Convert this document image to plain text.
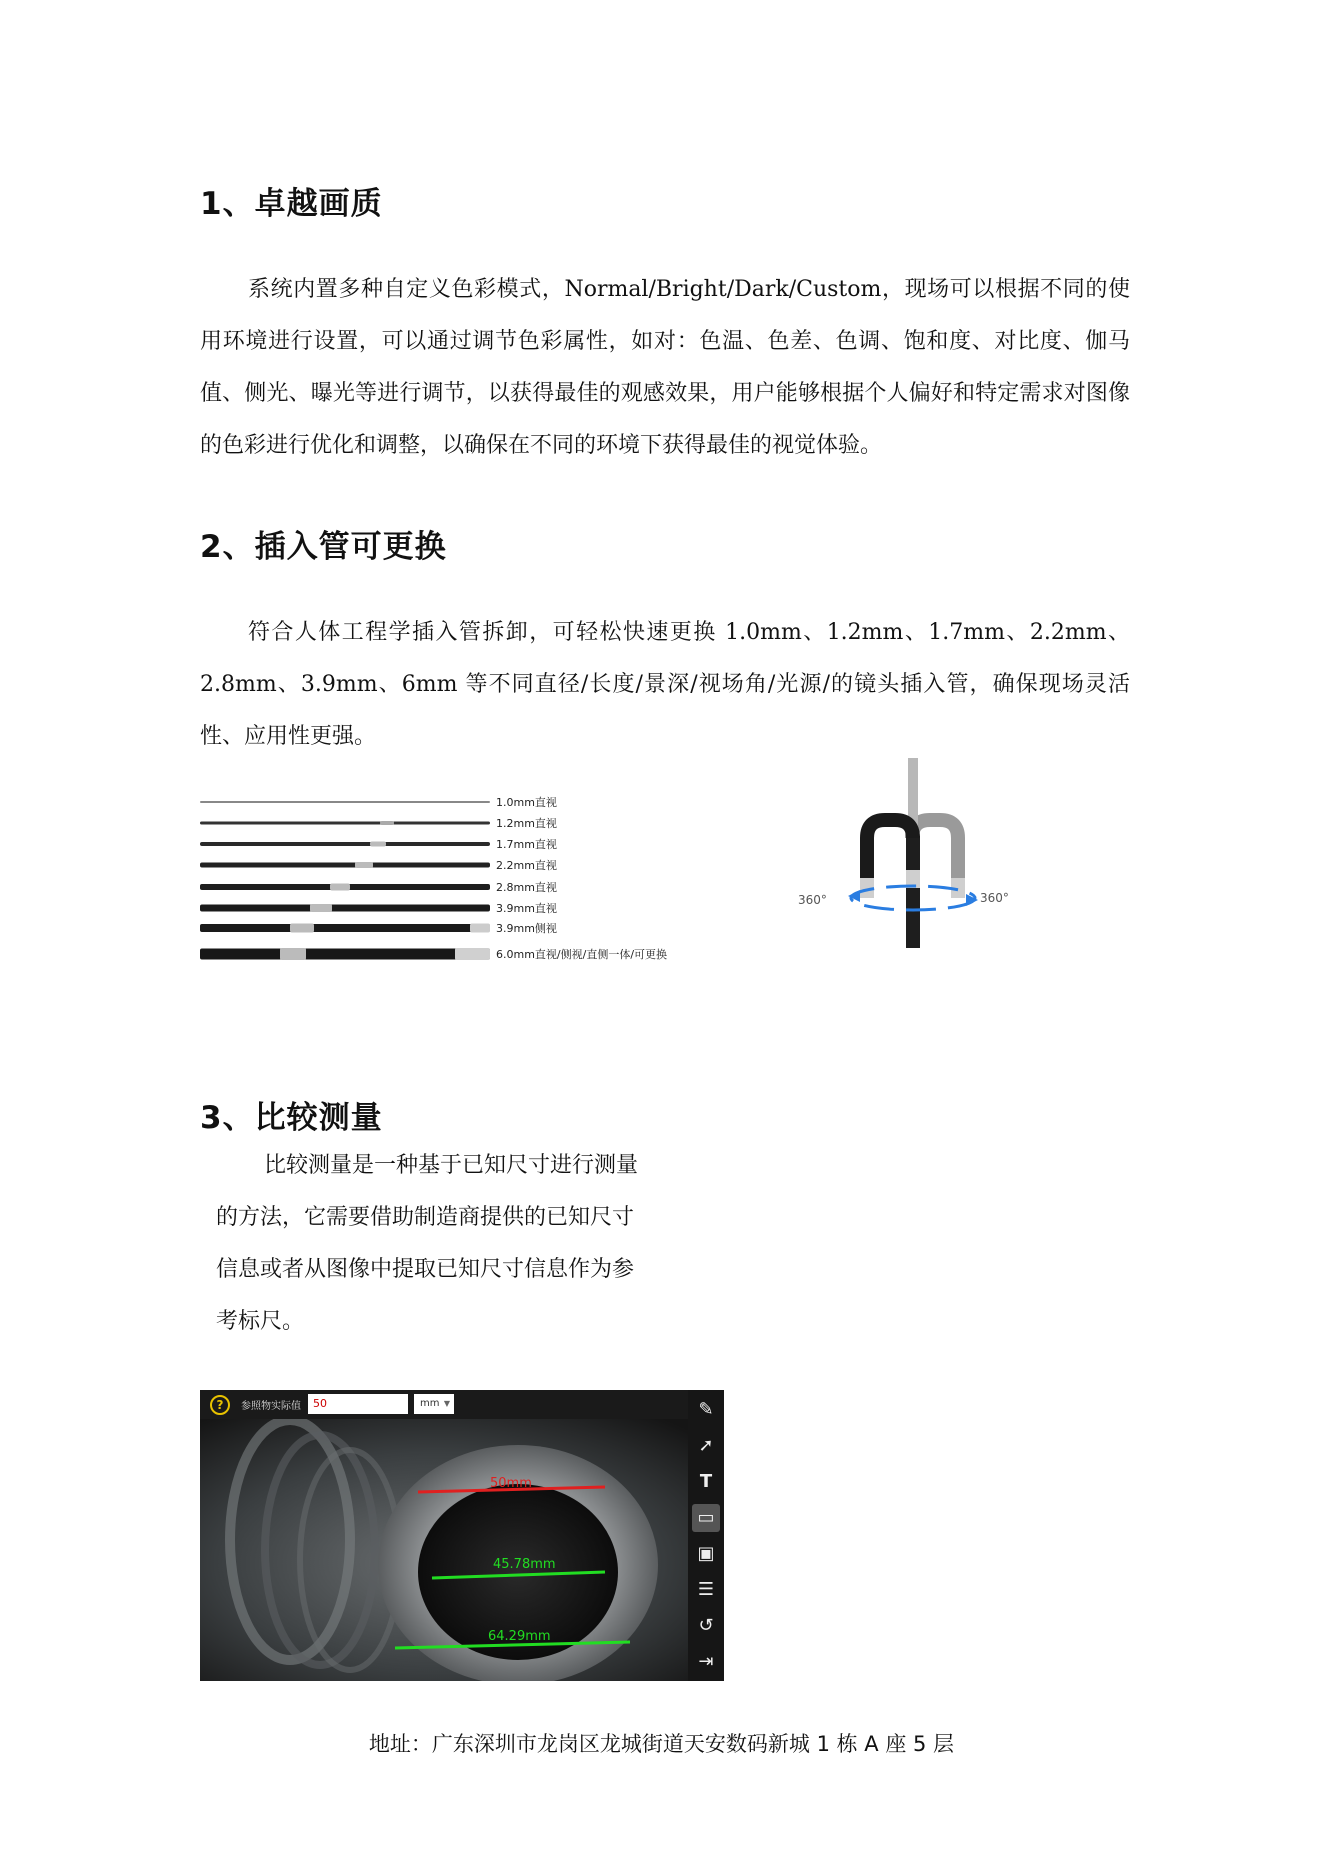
1、卓越画质

系统内置多种自定义色彩模式，Normal/Bright/Dark/Custom，现场可以根据不同的使用环境进行设置，可以通过调节色彩属性，如对：色温、色差、色调、饱和度、对比度、伽马值、侧光、曝光等进行调节，以获得最佳的观感效果，用户能够根据个人偏好和特定需求对图像的色彩进行优化和调整，以确保在不同的环境下获得最佳的视觉体验。

2、插入管可更换

符合人体工程学插入管拆卸，可轻松快速更换 1.0mm、1.2mm、1.7mm、2.2mm、2.8mm、3.9mm、6mm 等不同直径/长度/景深/视场角/光源/的镜头插入管，确保现场灵活性、应用性更强。

1.0mm直视
1.2mm直视
1.7mm直视
2.2mm直视
2.8mm直视
3.9mm直视
3.9mm侧视
6.0mm直视/侧视/直侧一体/可更换
360°	360°
3、比较测量

比较测量是一种基于已知尺寸进行测量的方法，它需要借助制造商提供的已知尺寸信息或者从图像中提取已知尺寸信息作为参考标尺。

50mm
45.78mm
64.29mm
?	参照物实际值	50	mm ▼	✎
➚
T
▭
▣
☰
↺
⇥
地址：广东深圳市龙岗区龙城街道天安数码新城 1 栋 A 座 5 层
